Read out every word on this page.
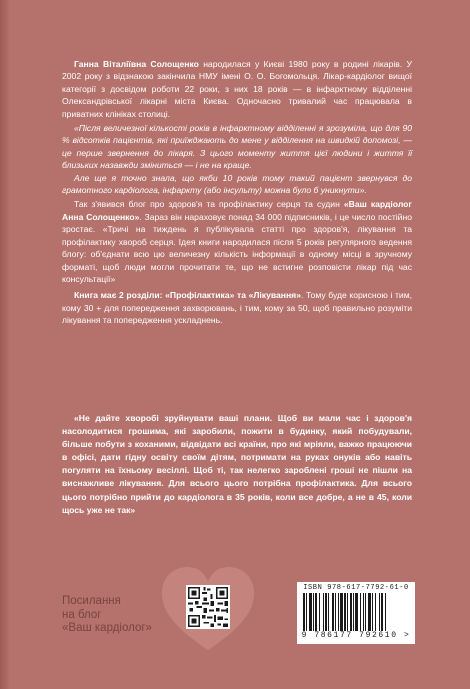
Ганна Віталіївна Солощенко народилася у Києві 1980 року в родині лікарів. У 2002 року з відзнакою закінчила НМУ імені О. О. Богомольця. Лікар-кардіолог вищої категорії з досвідом роботи 22 роки, з них 18 років — в інфарктному відділенні Олександрівської лікарні міста Києва. Одночасно тривалий час працювала в приватних клініках столиці.

«Після величезної кількості років в інфарктному відділенні я зрозуміла, що для 90 % відсотків пацієнтів, які приїжджають до мене у відділення на швидкій допомозі, — це перше звернення до лікаря. З цього моменту життя цієї людини і життя її близьких назавжди зміниться — і не на краще.

Але ще я точно знала, що якби 10 років тому такий пацієнт звернувся до грамотного кардіолога, інфаркту (або інсульту) можна було б уникнути».

Так з'явився блог про здоров'я та профілактику серця та судин «Ваш кардіолог Анна Солощенко». Зараз він нараховує понад 34 000 підписників, і це число постійно зростає. «Тричі на тиждень я публікувала статті про здоров'я, лікування та профілактику хвороб серця. Ідея книги народилася після 5 років регулярного ведення блогу: об'єднати всю цю величезну кількість інформації в одному місці в зручному форматі, щоб люди могли прочитати те, що не встигне розповісти лікар під час консультації»

Книга має 2 розділи: «Профілактика» та «Лікування». Тому буде корисною і тим, кому 30 + для попередження захворювань, і тим, кому за 50, щоб правильно розуміти лікування та попередження ускладнень.

«Не дайте хворобі зруйнувати ваші плани. Щоб ви мали час і здоров'я насолодитися грошима, які заробили, пожити в будинку, який побудували, більше побути з коханими, відвідати всі країни, про які мріяли, важко працюючи в офісі, дати гідну освіту своїм дітям, потримати на руках онуків або навіть погуляти на їхньому весіллі. Щоб ті, так нелегко зароблені гроші не пішли на виснажливе лікування. Для всього цього потрібна профілактика. Для всього цього потрібно прийти до кардіолога в 35 років, коли все добре, а не в 45, коли щось уже не так»

Посилання
на блог
«Ваш кардіолог»
ISBN 978-617-7792-61-0
9 786177 792610 >
